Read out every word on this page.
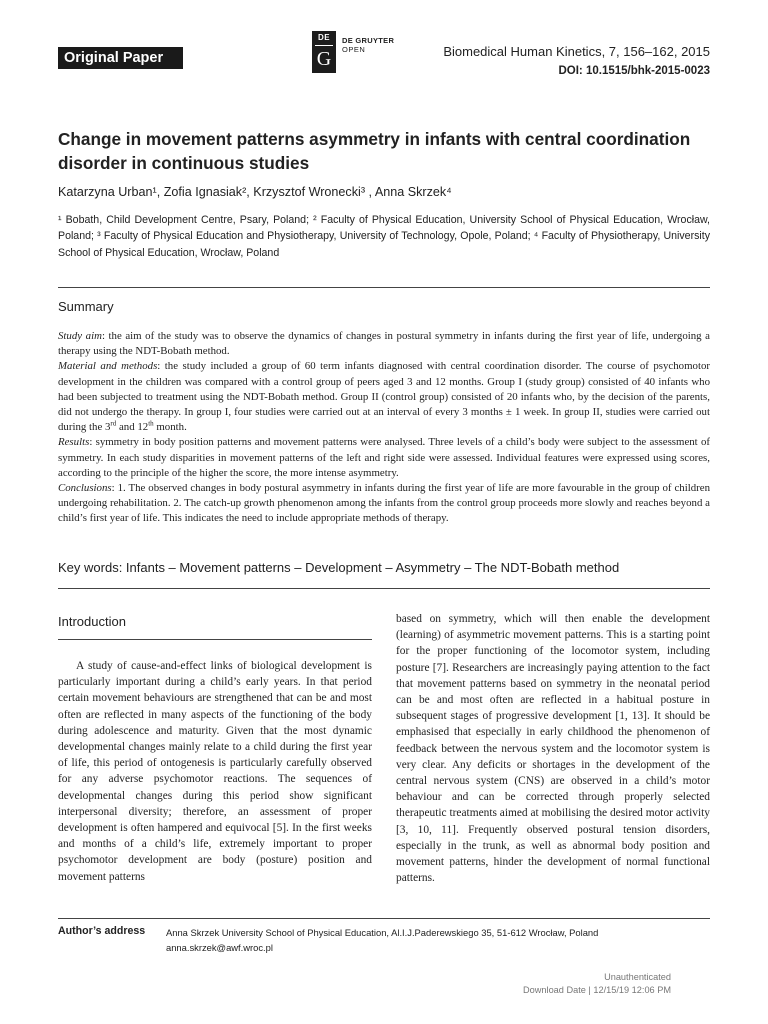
Original Paper
DE
G
DE GRUYTER
OPEN	Biomedical Human Kinetics, 7, 156–162, 2015
DOI: 10.1515/bhk-2015-0023
Change in movement patterns asymmetry in infants with central coordination disorder in continuous studies
Katarzyna Urban¹, Zofia Ignasiak², Krzysztof Wronecki³ , Anna Skrzek⁴
¹ Bobath, Child Development Centre, Psary, Poland; ² Faculty of Physical Education, University School of Physical Education, Wrocław, Poland; ³ Faculty of Physical Education and Physiotherapy, University of Technology, Opole, Poland; ⁴ Faculty of Physiotherapy, University School of Physical Education, Wrocław, Poland
Summary

Study aim: the aim of the study was to observe the dynamics of changes in postural symmetry in infants during the first year of life, undergoing a therapy using the NDT-Bobath method.

Material and methods: the study included a group of 60 term infants diagnosed with central coordination disorder. The course of psychomotor development in the children was compared with a control group of peers aged 3 and 12 months. Group I (study group) consisted of 40 infants who had been subjected to treatment using the NDT-Bobath method. Group II (control group) consisted of 20 infants who, by the decision of the parents, did not undergo the therapy. In group I, four studies were carried out at an interval of every 3 months ± 1 week. In group II, studies were carried out during the 3rd and 12th month.

Results: symmetry in body position patterns and movement patterns were analysed. Three levels of a child’s body were subject to the assessment of symmetry. In each study disparities in movement patterns of the left and right side were assessed. Individual features were expressed using scores, according to the principle of the higher the score, the more intense asymmetry.

Conclusions: 1. The observed changes in body postural asymmetry in infants during the first year of life are more favourable in the group of children undergoing rehabilitation. 2. The catch-up growth phenomenon among the infants from the control group proceeds more slowly and reaches beyond a child’s first year of life. This indicates the need to include appropriate methods of therapy.

Key words: Infants – Movement patterns – Development – Asymmetry – The NDT-Bobath method
Introduction
A study of cause-and-effect links of biological development is particularly important during a child’s early years. In that period certain movement behaviours are strengthened that can be and most often are reflected in many aspects of the functioning of the body during adolescence and maturity. Given that the most dynamic developmental changes mainly relate to a child during the first year of life, this period of ontogenesis is particularly carefully observed for any adverse psychomotor reactions. The sequences of developmental changes during this period show significant interpersonal diversity; therefore, an assessment of proper development is often hampered and equivocal [5]. In the first weeks and months of a child’s life, extremely important to proper psychomotor development are body (posture) position and movement patterns
based on symmetry, which will then enable the development (learning) of asymmetric movement patterns. This is a starting point for the proper functioning of the locomotor system, including posture [7]. Researchers are increasingly paying attention to the fact that movement patterns based on symmetry in the neonatal period can be and most often are reflected in a habitual posture in subsequent stages of progressive development [1, 13]. It should be emphasised that especially in early childhood the phenomenon of feedback between the nervous system and the locomotor system is very clear. Any deficits or shortages in the development of the central nervous system (CNS) are observed in a child’s motor behaviour and can be corrected through properly selected therapeutic treatments aimed at mobilising the desired motor activity [3, 10, 11]. Frequently observed postural tension disorders, especially in the trunk, as well as abnormal body position and movement patterns, hinder the development of normal functional patterns.
Author’s address Anna Skrzek University School of Physical Education, Al.I.J.Paderewskiego 35, 51-612 Wrocław, Poland
anna.skrzek@awf.wroc.pl
Unauthenticated
Download Date | 12/15/19 12:06 PM
